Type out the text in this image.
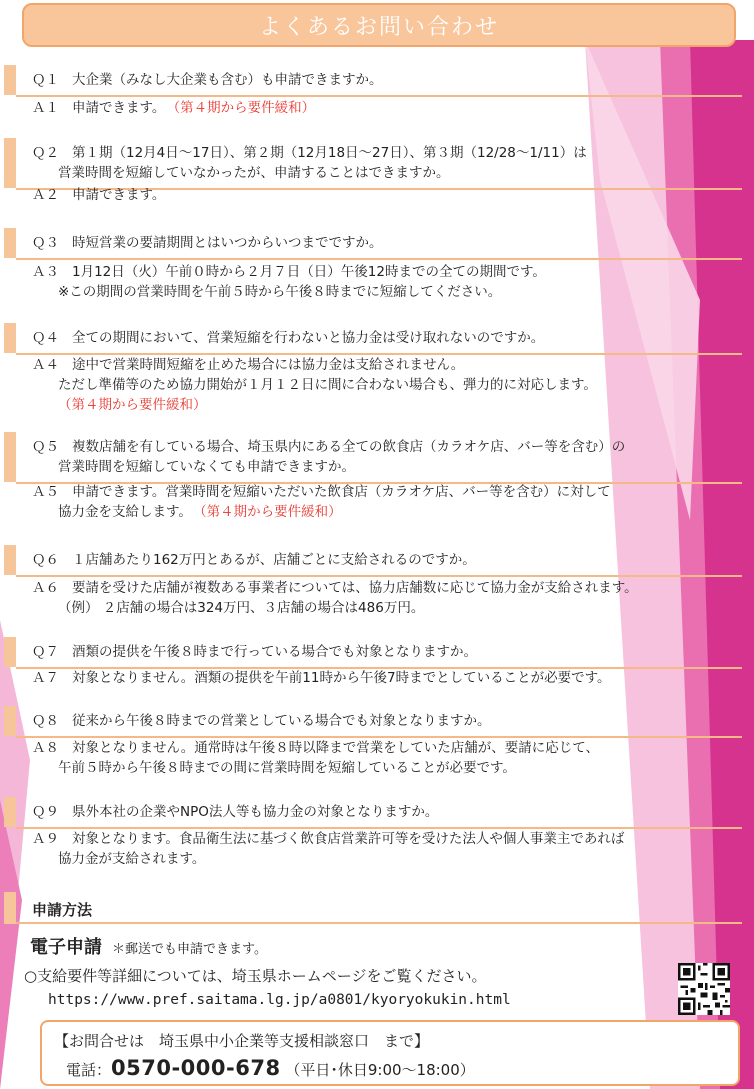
よくあるお問い合わせ
Ｑ１ 大企業（みなし大企業も含む）も申請できますか。
Ａ１ 申請できます。 （第４期から要件緩和）
Ｑ２ 第１期（12月4日～17日）、第２期（12月18日～27日）、第３期（12/28～1/11）は
営業時間を短縮していなかったが、申請することはできますか。
Ａ２ 申請できます。
Ｑ３ 時短営業の要請期間とはいつからいつまでですか。
Ａ３ 1月12日（火）午前０時から２月７日（日）午後12時までの全ての期間です。
※この期間の営業時間を午前５時から午後８時までに短縮してください。
Ｑ４ 全ての期間において、営業短縮を行わないと協力金は受け取れないのですか。
Ａ４ 途中で営業時間短縮を止めた場合には協力金は支給されません。
ただし準備等のため協力開始が１月１２日に間に合わない場合も、弾力的に対応します。
（第４期から要件緩和）
Ｑ５ 複数店舗を有している場合、埼玉県内にある全ての飲食店（カラオケ店、バー等を含む）の
営業時間を短縮していなくても申請できますか。
Ａ５ 申請できます。営業時間を短縮いただいた飲食店（カラオケ店、バー等を含む）に対して
協力金を支給します。 （第４期から要件緩和）
Ｑ６ １店舗あたり162万円とあるが、店舗ごとに支給されるのですか。
Ａ６ 要請を受けた店舗が複数ある事業者については、協力店舗数に応じて協力金が支給されます。
（例） ２店舗の場合は324万円、３店舗の場合は486万円。
Ｑ７ 酒類の提供を午後８時まで行っている場合でも対象となりますか。
Ａ７ 対象となりません。酒類の提供を午前11時から午後7時までとしていることが必要です。
Ｑ８ 従来から午後８時までの営業としている場合でも対象となりますか。
Ａ８ 対象となりません。通常時は午後８時以降まで営業をしていた店舗が、要請に応じて、
午前５時から午後８時までの間に営業時間を短縮していることが必要です。
Ｑ９ 県外本社の企業やNPO法人等も協力金の対象となりますか。
Ａ９ 対象となります。食品衛生法に基づく飲食店営業許可等を受けた法人や個人事業主であれば
協力金が支給されます。
申請方法
電子申請 ＊郵送でも申請できます。
○支給要件等詳細については、埼玉県ホームページをご覧ください。
https://www.pref.saitama.lg.jp/a0801/kyoryokukin.html
【お問合せは　埼玉県中小企業等支援相談窓口　まで】
電話：0570-000-678 （平日･休日9:00～18:00）
